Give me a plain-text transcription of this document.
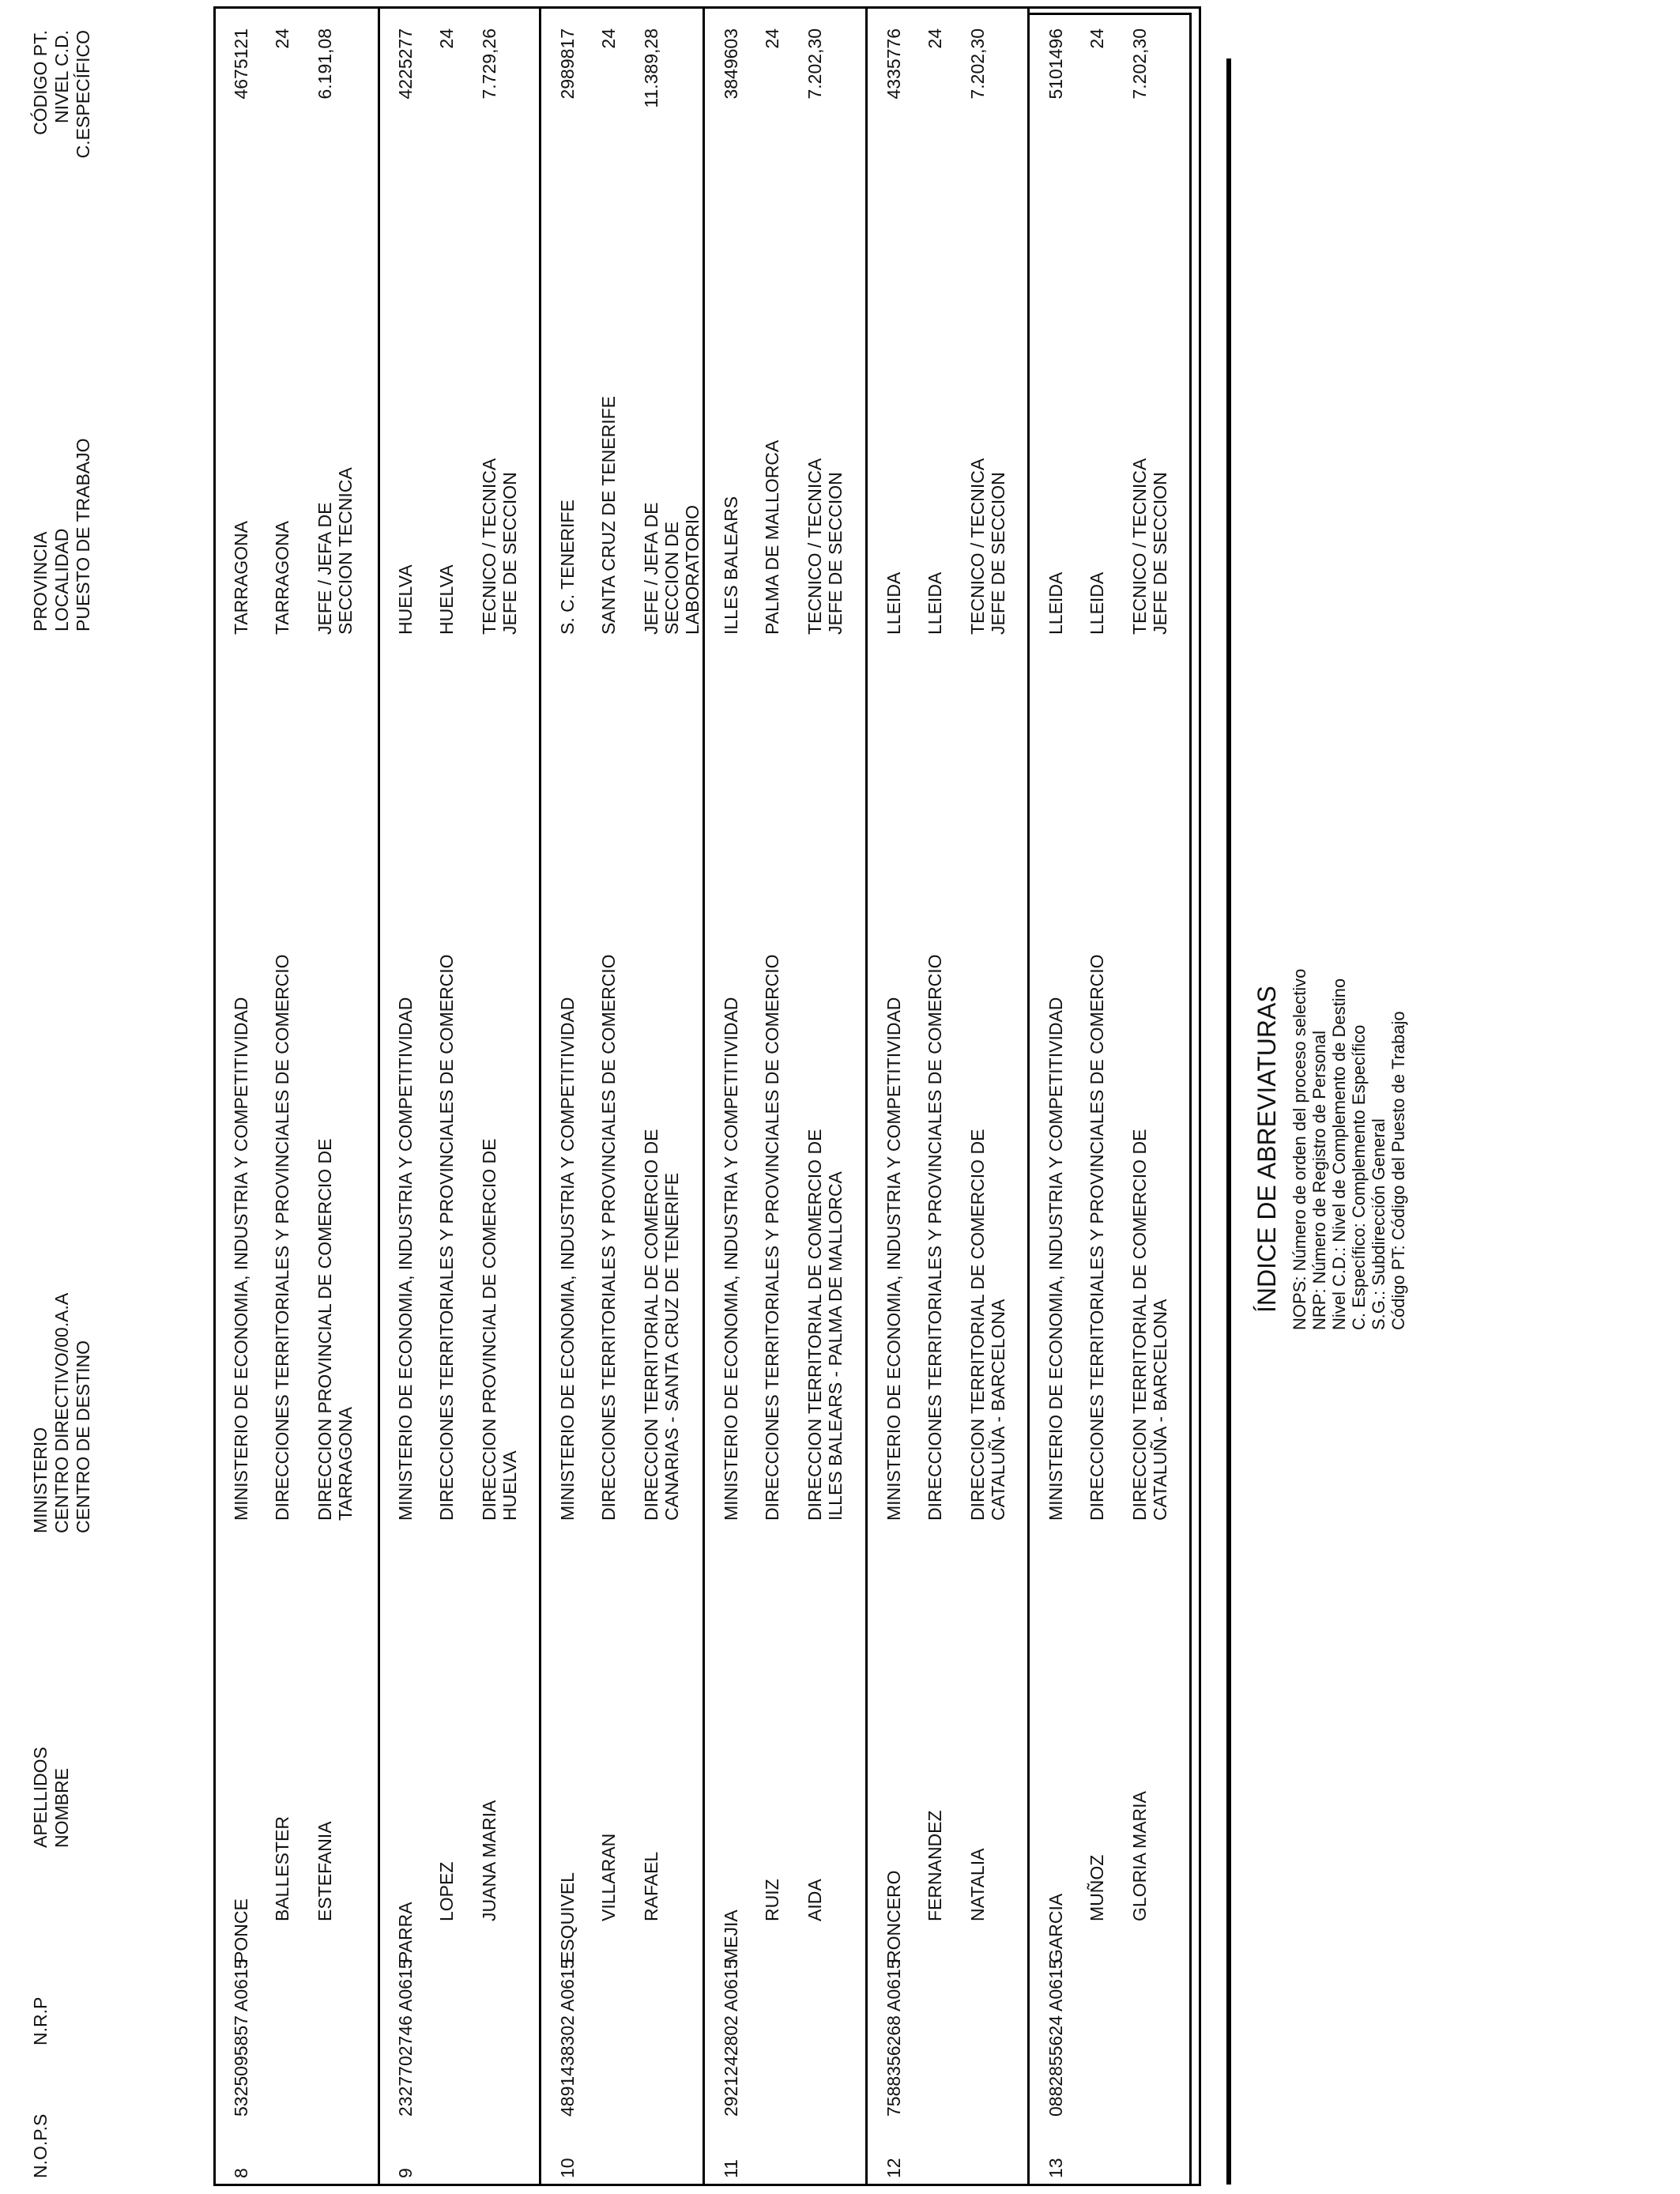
N.O.P.S
N.R.P
APELLIDOS
NOMBRE
MINISTERIO
CENTRO DIRECTIVO/00.A.A
CENTRO DE DESTINO
PROVINCIA
LOCALIDAD
PUESTO DE TRABAJO
CÓDIGO PT.
NIVEL C.D.
C.ESPECÍFICO
8
5325095857 A0615
PONCE
BALLESTER ESTEFANIA
MINISTERIO DE ECONOMIA, INDUSTRIA Y COMPETITIVIDAD DIRECCIONES TERRITORIALES Y PROVINCIALES DE COMERCIO DIRECCION PROVINCIAL DE COMERCIO DE TARRAGONA
TARRAGONA TARRAGONA JEFE / JEFA DE SECCION TECNICA
4675121 24 6.191,08
9
2327702746 A0615
PARRA
LOPEZ JUANA MARIA
MINISTERIO DE ECONOMIA, INDUSTRIA Y COMPETITIVIDAD DIRECCIONES TERRITORIALES Y PROVINCIALES DE COMERCIO DIRECCION PROVINCIAL DE COMERCIO DE HUELVA
HUELVA HUELVA TECNICO / TECNICA JEFE DE SECCION
4225277 24 7.729,26
10
4891438302 A0615
ESQUIVEL VILLARAN RAFAEL
MINISTERIO DE ECONOMIA, INDUSTRIA Y COMPETITIVIDAD DIRECCIONES TERRITORIALES Y PROVINCIALES DE COMERCIO DIRECCION TERRITORIAL DE COMERCIO DE CANARIAS - SANTA CRUZ DE TENERIFE
S. C. TENERIFE SANTA CRUZ DE TENERIFE JEFE / JEFA DE SECCION DE LABORATORIO
2989817 24 11.389,28
11
2921242802 A0615
MEJIA
RUIZ AIDA
MINISTERIO DE ECONOMIA, INDUSTRIA Y COMPETITIVIDAD DIRECCIONES TERRITORIALES Y PROVINCIALES DE COMERCIO DIRECCION TERRITORIAL DE COMERCIO DE ILLES BALEARS - PALMA DE MALLORCA
ILLES BALEARS PALMA DE MALLORCA TECNICO / TECNICA JEFE DE SECCION
3849603 24 7.202,30
12
7588356268 A0615
RONCERO FERNANDEZ NATALIA
MINISTERIO DE ECONOMIA, INDUSTRIA Y COMPETITIVIDAD DIRECCIONES TERRITORIALES Y PROVINCIALES DE COMERCIO DIRECCION TERRITORIAL DE COMERCIO DE CATALUÑA - BARCELONA
LLEIDA LLEIDA TECNICO / TECNICA JEFE DE SECCION
4335776 24 7.202,30
13
0882855624 A0615
GARCIA
MUÑOZ GLORIA MARIA
MINISTERIO DE ECONOMIA, INDUSTRIA Y COMPETITIVIDAD DIRECCIONES TERRITORIALES Y PROVINCIALES DE COMERCIO DIRECCION TERRITORIAL DE COMERCIO DE CATALUÑA - BARCELONA
LLEIDA LLEIDA TECNICO / TECNICA JEFE DE SECCION
5101496 24 7.202,30
ÍNDICE DE ABREVIATURAS NOPS: Número de orden del proceso selectivo NRP: Número de Registro de Personal Nivel C.D.: Nivel de Complemento de Destino C. Específico: Complemento Específico S.G.: Subdirección General Código PT: Código del Puesto de Trabajo
